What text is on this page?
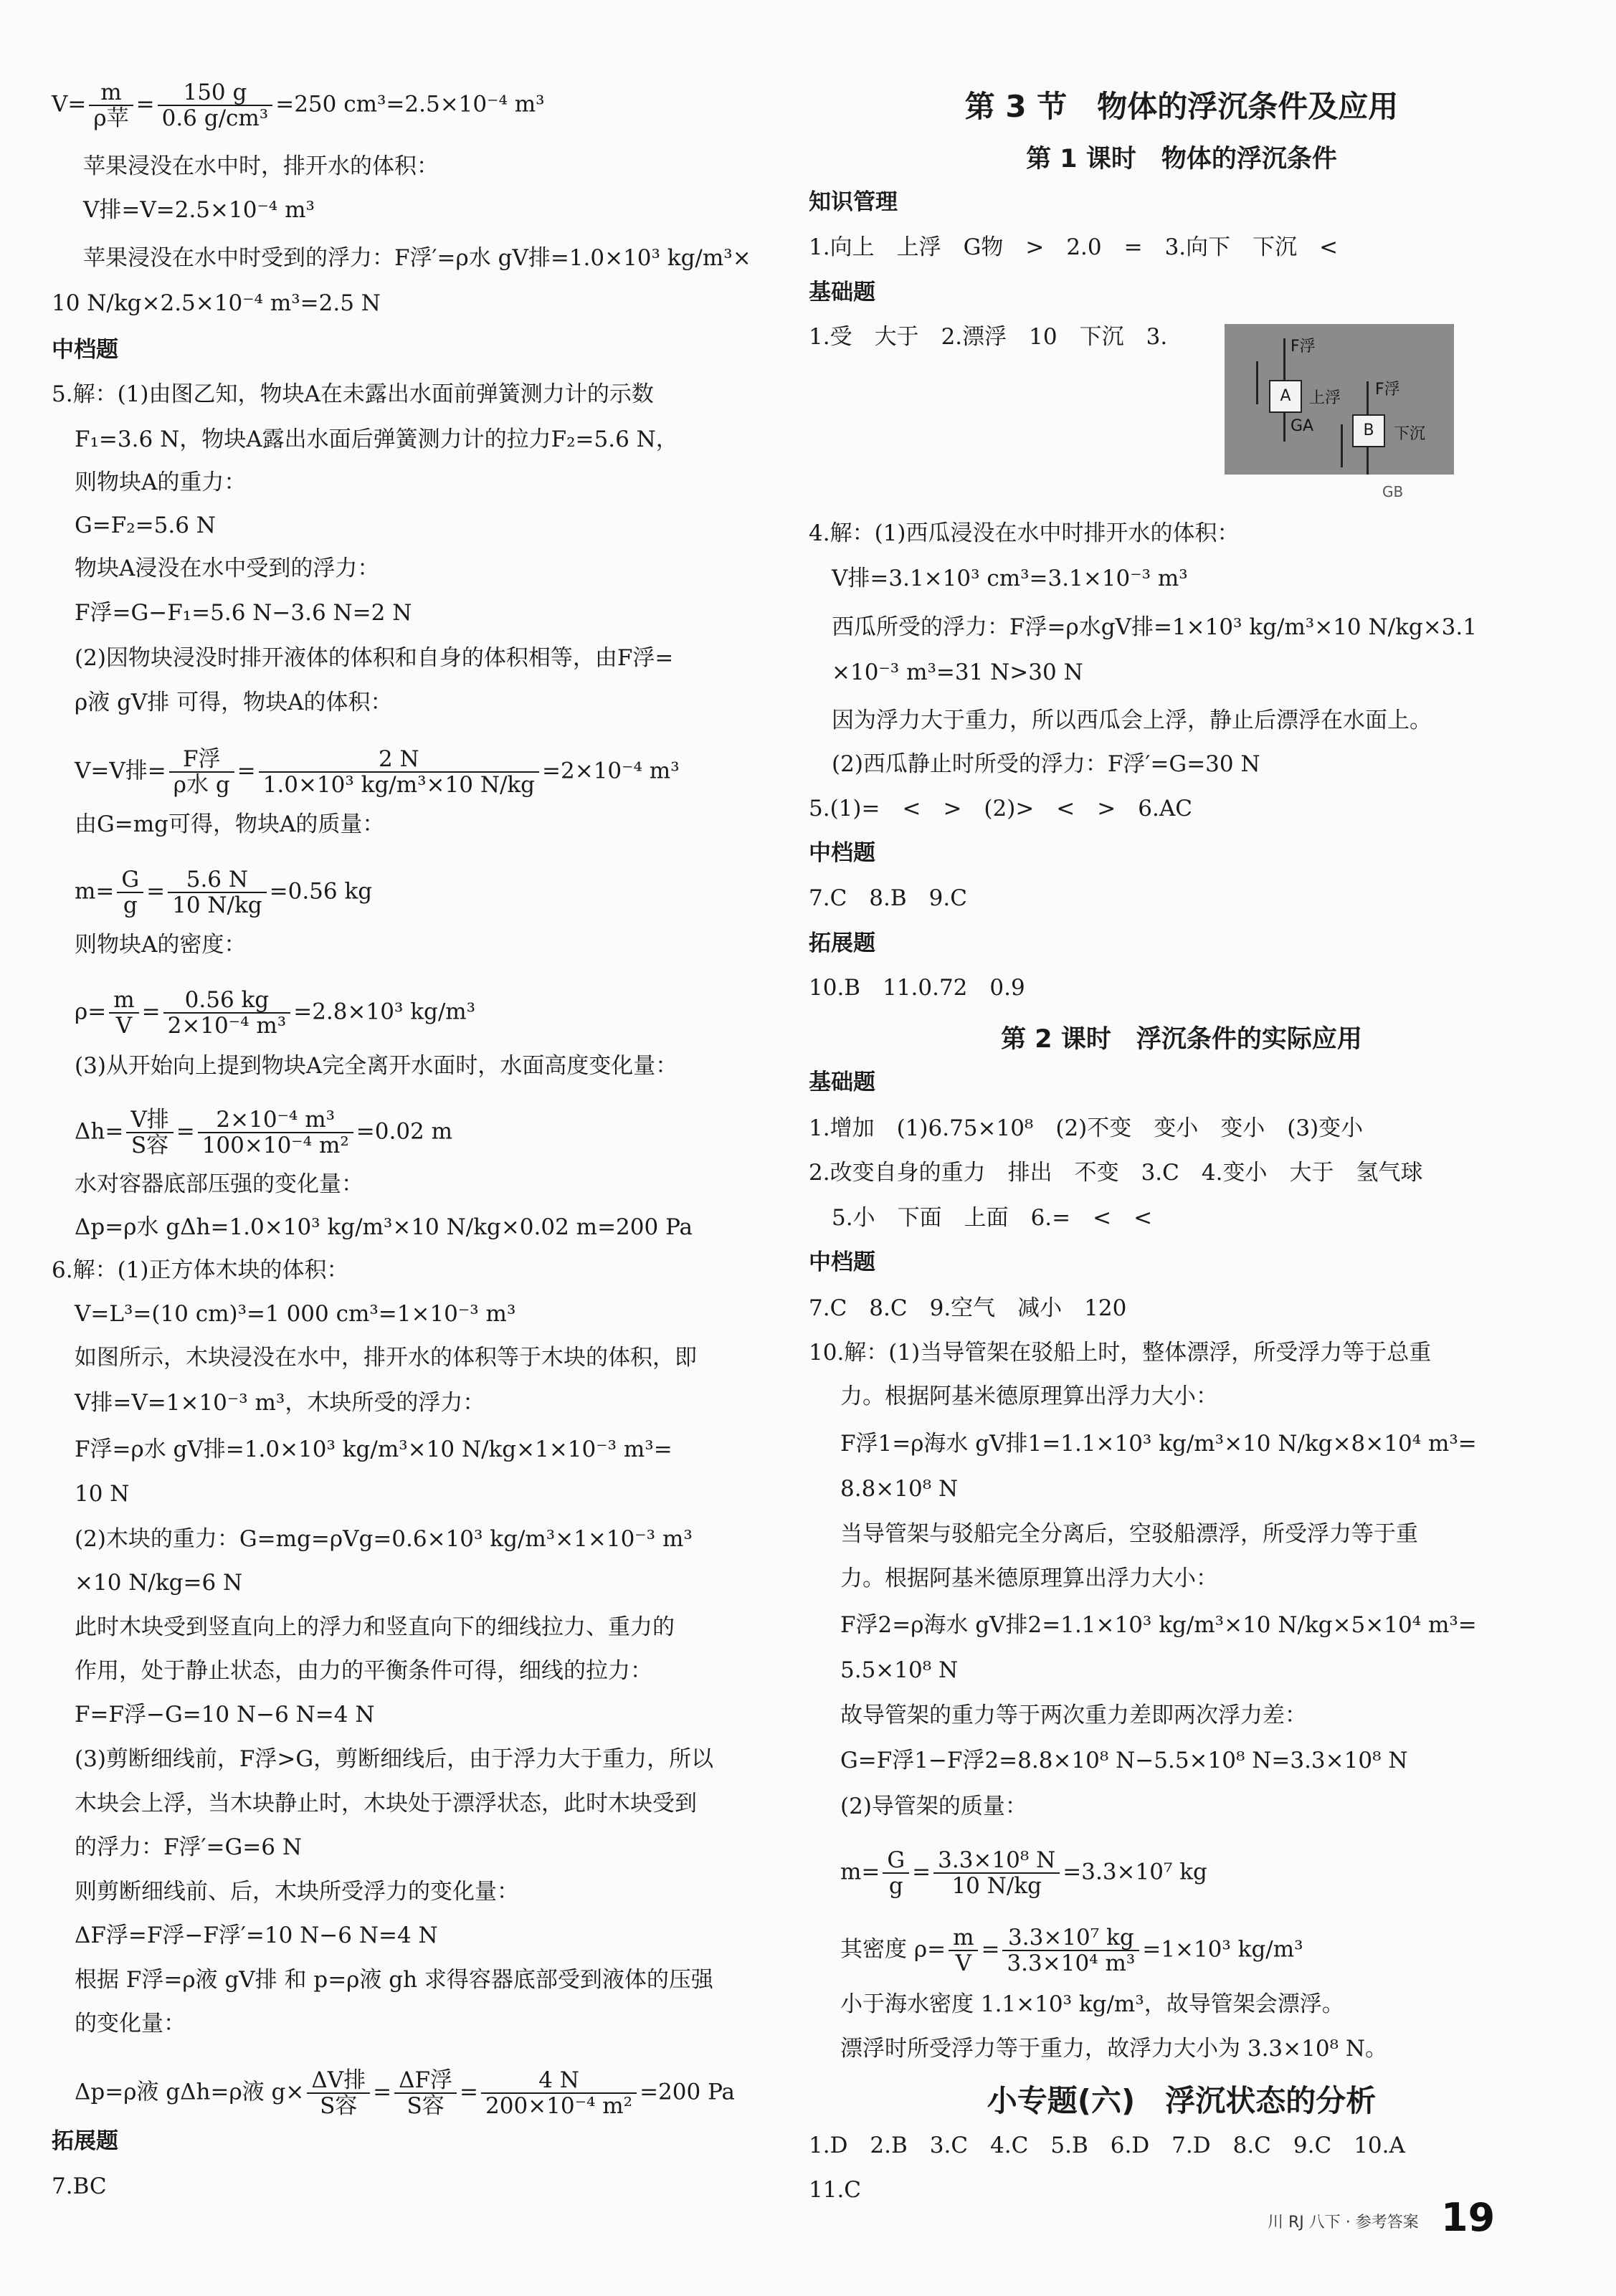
$V= \frac{m}{\text{ρ苹}} = \frac{150 g}{\text{0.6 g/cm³}} =250$ cm³=2.5×10⁻⁴ m³
苹果浸没在水中时，排开水的体积：
V排=V=2.5×10⁻⁴ m³
苹果浸没在水中时受到的浮力：F浮′=ρ水 gV排=1.0×10³ kg/m³×
10 N/kg×2.5×10⁻⁴ m³=2.5 N
中档题
5.解：(1)由图乙知，物块A在未露出水面前弹簧测力计的示数
F₁=3.6 N，物块A露出水面后弹簧测力计的拉力F₂=5.6 N，
则物块A的重力：
G=F₂=5.6 N
物块A浸没在水中受到的浮力：
F浮=G−F₁=5.6 N−3.6 N=2 N
(2)因物块浸没时排开液体的体积和自身的体积相等，由F浮=
ρ液 gV排 可得，物块A的体积：
V=V排= $\frac{\text{F浮}}{\text{ρ水 g}} = \frac{2 N}{\text{1.0×10³ kg/m³×10 N/kg}} =2\times 10^{-4}$ m³
由G=mg可得，物块A的质量：
$m= \frac{G}{g} = \frac{5.6 N}{10 N/kg} =0.56$ kg
则物块A的密度：
$\rho= \frac{m}{V} = \frac{0.56 kg}{\text{2×10⁻⁴ m³}} =2.8\times 10^3$ kg/m³
(3)从开始向上提到物块A完全离开水面时，水面高度变化量：
$\Delta h= \frac{\text{V排}}{\text{S容}} = \frac{\text{2×10⁻⁴ m³}}{\text{100×10⁻⁴ m²}} =0.02$ m
水对容器底部压强的变化量：
Δp=ρ水 gΔh=1.0×10³ kg/m³×10 N/kg×0.02 m=200 Pa
6.解：(1)正方体木块的体积：
V=L³=(10 cm)³=1 000 cm³=1×10⁻³ m³
如图所示，木块浸没在水中，排开水的体积等于木块的体积，即
V排=V=1×10⁻³ m³，木块所受的浮力：
F浮=ρ水 gV排=1.0×10³ kg/m³×10 N/kg×1×10⁻³ m³=
10 N
(2)木块的重力：G=mg=ρVg=0.6×10³ kg/m³×1×10⁻³ m³
×10 N/kg=6 N
此时木块受到竖直向上的浮力和竖直向下的细线拉力、重力的
作用，处于静止状态，由力的平衡条件可得，细线的拉力：
F=F浮−G=10 N−6 N=4 N
(3)剪断细线前，F浮>G，剪断细线后，由于浮力大于重力，所以
木块会上浮，当木块静止时，木块处于漂浮状态，此时木块受到
的浮力：F浮′=G=6 N
则剪断细线前、后，木块所受浮力的变化量：
ΔF浮=F浮−F浮′=10 N−6 N=4 N
根据 F浮=ρ液 gV排 和 p=ρ液 gh 求得容器底部受到液体的压强
的变化量：
Δp=ρ液 gΔh=ρ液 $g\times \frac{\text{ΔV排}}{\text{S容}} = \frac{\text{ΔF浮}}{\text{S容}} = \frac{4 N}{\text{200×10⁻⁴ m²}} =200$ Pa
拓展题
7.BC
第 3 节　物体的浮沉条件及应用
第 1 课时　物体的浮沉条件
知识管理
1.向上　上浮　G物　>　2.0　=　3.向下　下沉　<
基础题
1.受　大于　2.漂浮　10　下沉　3.	F浮
A	上浮
GA
F浮
B	下沉
GB
4.解：(1)西瓜浸没在水中时排开水的体积：
V排=3.1×10³ cm³=3.1×10⁻³ m³
西瓜所受的浮力：F浮=ρ水gV排=1×10³ kg/m³×10 N/kg×3.1
×10⁻³ m³=31 N>30 N
因为浮力大于重力，所以西瓜会上浮，静止后漂浮在水面上。
(2)西瓜静止时所受的浮力：F浮′=G=30 N
5.(1)=　<　>　(2)>　<　>　6.AC
中档题
7.C　8.B　9.C
拓展题
10.B　11.0.72　0.9
第 2 课时　浮沉条件的实际应用
基础题
1.增加　(1)6.75×10⁸　(2)不变　变小　变小　(3)变小
2.改变自身的重力　排出　不变　3.C　4.变小　大于　氢气球
5.小　下面　上面　6.=　<　<
中档题
7.C　8.C　9.空气　减小　120
10.解：(1)当导管架在驳船上时，整体漂浮，所受浮力等于总重
力。根据阿基米德原理算出浮力大小：
F浮1=ρ海水 gV排1=1.1×10³ kg/m³×10 N/kg×8×10⁴ m³=
8.8×10⁸ N
当导管架与驳船完全分离后，空驳船漂浮，所受浮力等于重
力。根据阿基米德原理算出浮力大小：
F浮2=ρ海水 gV排2=1.1×10³ kg/m³×10 N/kg×5×10⁴ m³=
5.5×10⁸ N
故导管架的重力等于两次重力差即两次浮力差：
G=F浮1−F浮2=8.8×10⁸ N−5.5×10⁸ N=3.3×10⁸ N
(2)导管架的质量：
$m= \frac{G}{g} = \frac{\text{3.3×10⁸ N}}{10 N/kg} =3.3\times 10^7$ kg
其密度 $\rho= \frac{m}{V} = \frac{\text{3.3×10⁷ kg}}{\text{3.3×10⁴ m³}} =1\times 10^3$ kg/m³
小于海水密度 1.1×10³ kg/m³，故导管架会漂浮。
漂浮时所受浮力等于重力，故浮力大小为 3.3×10⁸ N。
小专题(六)　浮沉状态的分析
1.D　2.B　3.C　4.C　5.B　6.D　7.D　8.C　9.C　10.A
11.C
川 RJ 八下 · 参考答案 19
